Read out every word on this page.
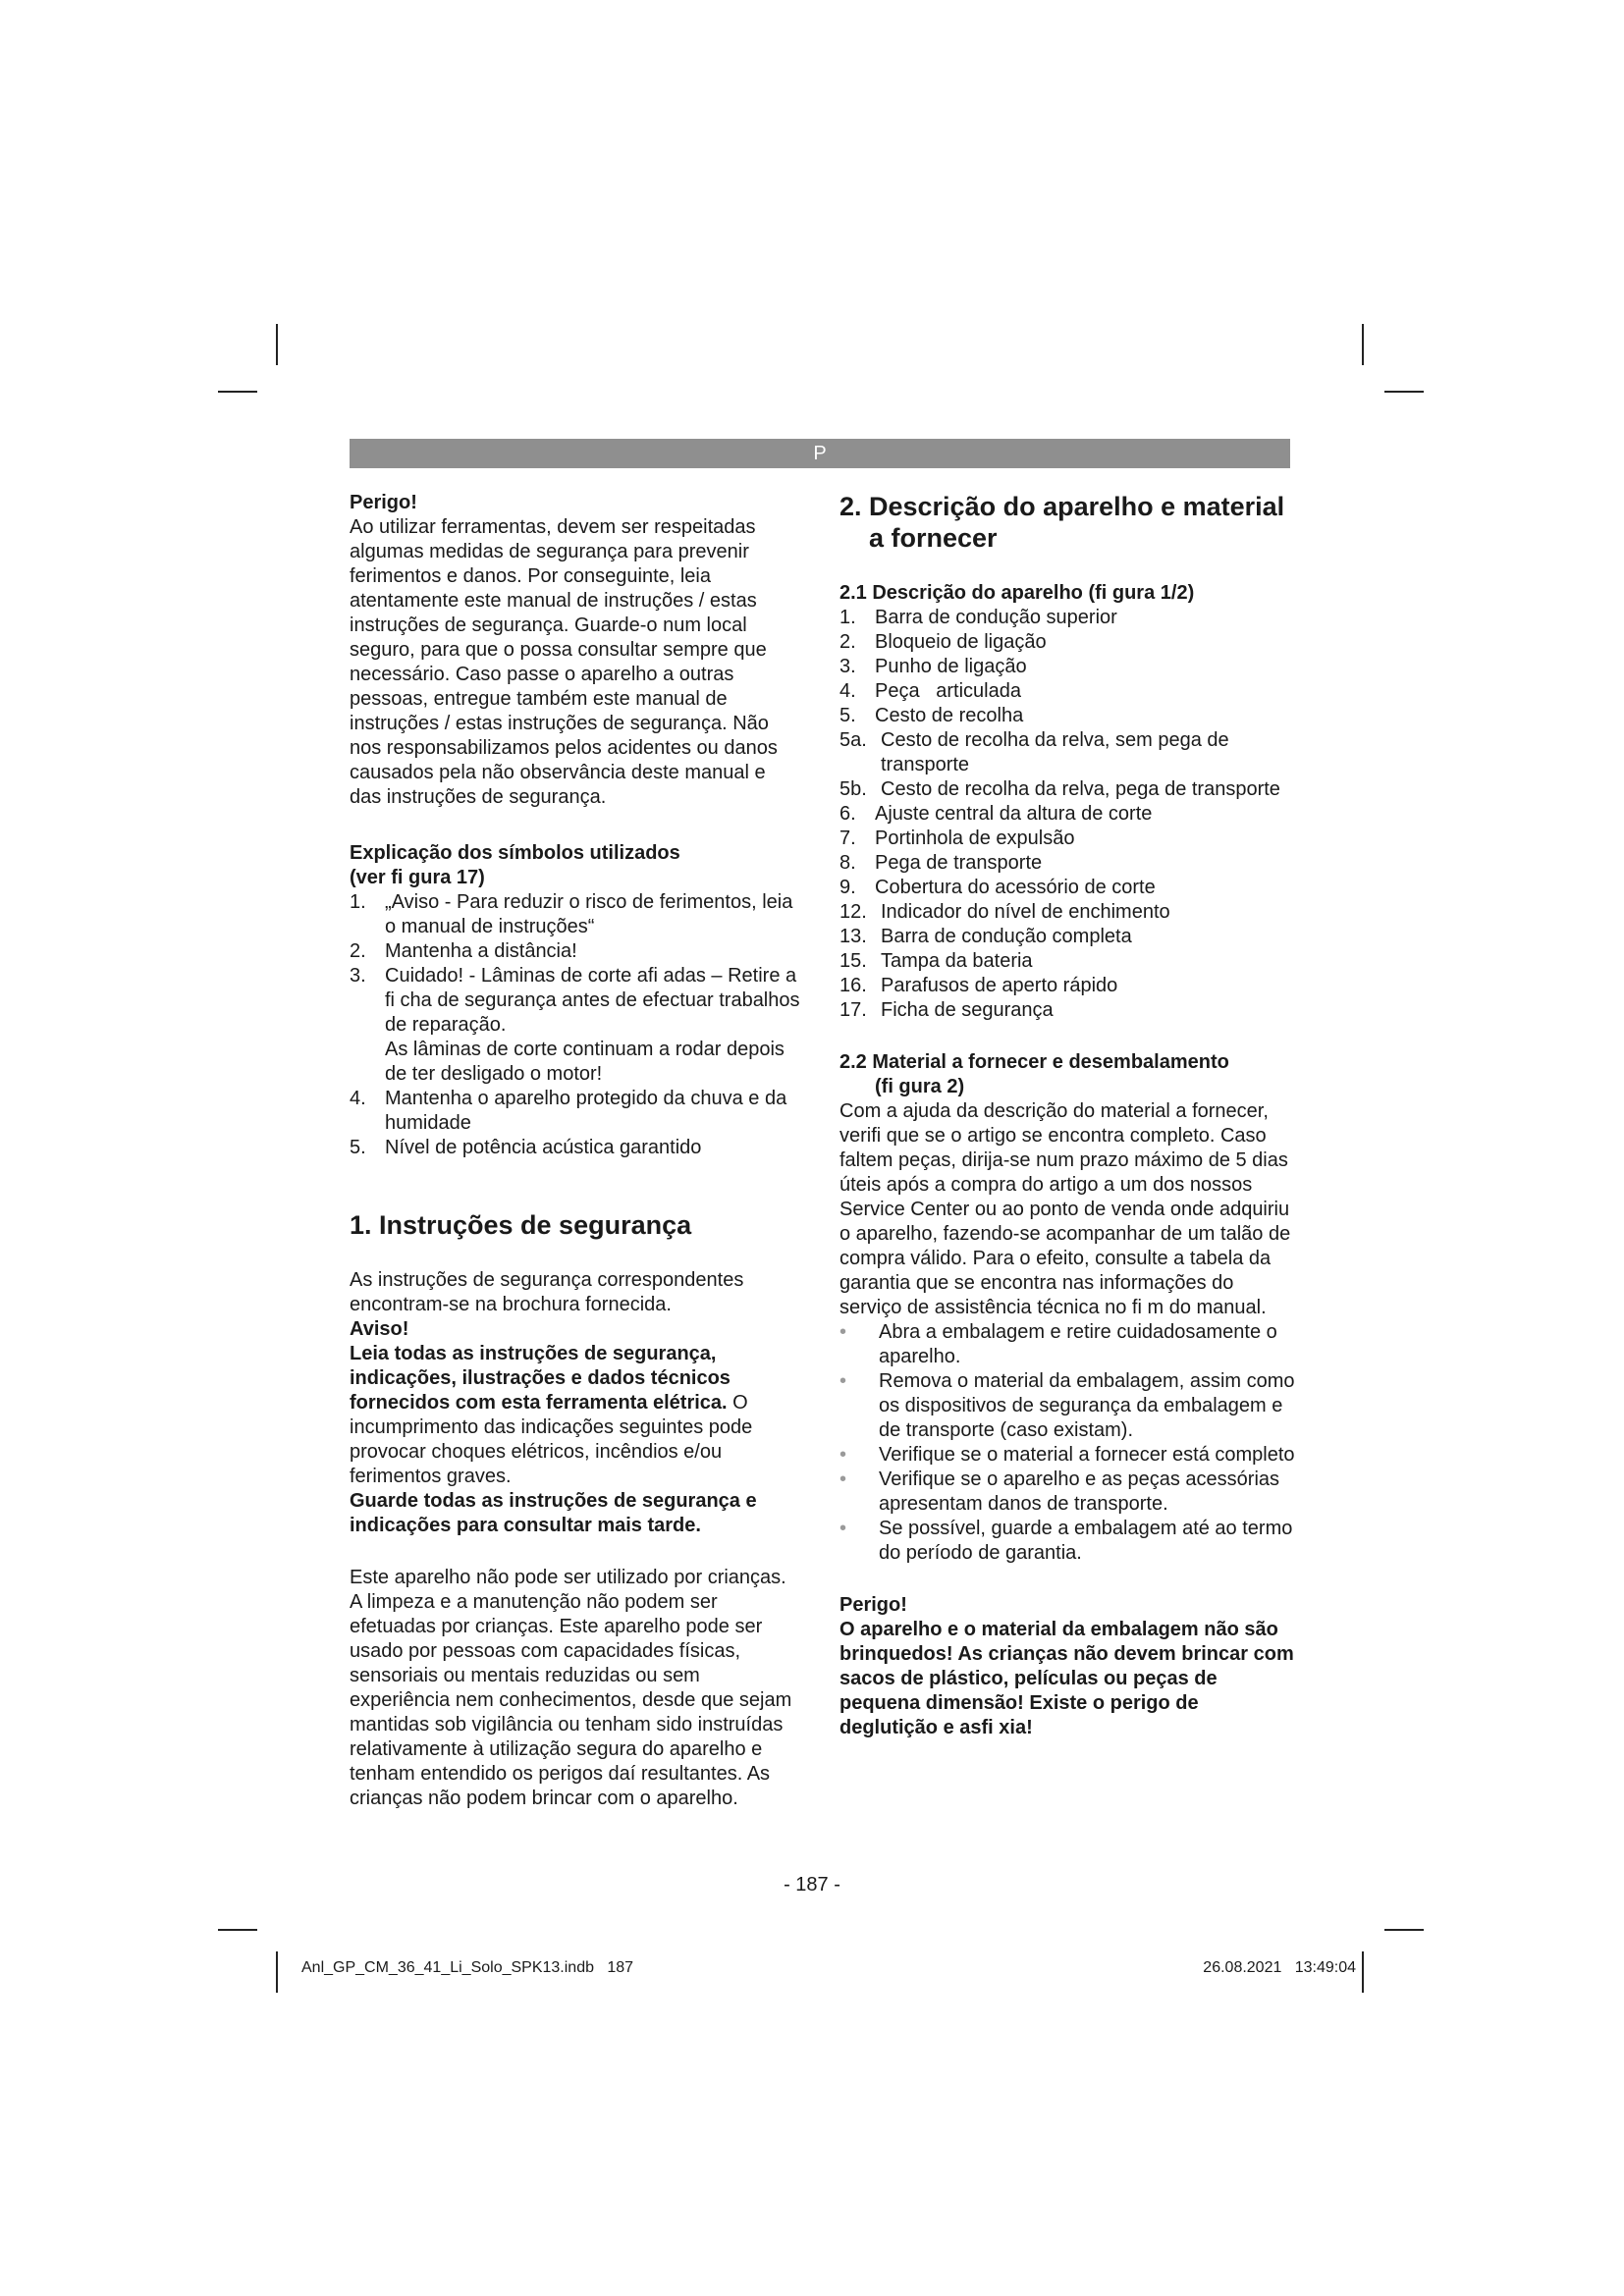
P

Perigo!

Ao utilizar ferramentas, devem ser respeitadas algumas medidas de segurança para prevenir ferimentos e danos. Por conseguinte, leia atentamente este manual de instruções / estas instruções de segurança. Guarde-o num local seguro, para que o possa consultar sempre que necessário. Caso passe o aparelho a outras pessoas, entregue também este manual de instruções / estas instruções de segurança. Não nos responsabilizamos pelos acidentes ou danos causados pela não observância deste manual e das instruções de segurança.

Explicação dos símbolos utilizados
(ver fi gura 17)

1. „Aviso - Para reduzir o risco de ferimentos, leia o manual de instruções“
2. Mantenha a distância!
3. Cuidado! - Lâminas de corte afi adas – Retire a fi cha de segurança antes de efectuar trabalhos de reparação.
As lâminas de corte continuam a rodar depois de ter desligado o motor!
4. Mantenha o aparelho protegido da chuva e da humidade
5. Nível de potência acústica garantido

1. Instruções de segurança

As instruções de segurança correspondentes encontram-se na brochura fornecida.

Aviso!

Leia todas as instruções de segurança, indicações, ilustrações e dados técnicos fornecidos com esta ferramenta elétrica. O incumprimento das indicações seguintes pode provocar choques elétricos, incêndios e/ou ferimentos graves.

Guarde todas as instruções de segurança e indicações para consultar mais tarde.

Este aparelho não pode ser utilizado por crianças. A limpeza e a manutenção não podem ser efetuadas por crianças. Este aparelho pode ser usado por pessoas com capacidades físicas, sensoriais ou mentais reduzidas ou sem experiência nem conhecimentos, desde que sejam mantidas sob vigilância ou tenham sido instruídas relativamente à utilização segura do aparelho e tenham entendido os perigos daí resultantes. As crianças não podem brincar com o aparelho.

2. Descrição do aparelho e material
a fornecer

2.1 Descrição do aparelho (fi gura 1/2)

1. Barra de condução superior
2. Bloqueio de ligação
3. Punho de ligação
4. Peça   articulada
5. Cesto de recolha
5a. Cesto de recolha da relva, sem pega de transporte
5b. Cesto de recolha da relva, pega de transporte
6. Ajuste central da altura de corte
7. Portinhola de expulsão
8. Pega de transporte
9. Cobertura do acessório de corte
12. Indicador do nível de enchimento
13. Barra de condução completa
15. Tampa da bateria
16. Parafusos de aperto rápido
17. Ficha de segurança

2.2 Material a fornecer e desembalamento
(fi gura 2)

Com a ajuda da descrição do material a fornecer, verifi que se o artigo se encontra completo. Caso faltem peças, dirija-se num prazo máximo de 5 dias úteis após a compra do artigo a um dos nossos Service Center ou ao ponto de venda onde adquiriu o aparelho, fazendo-se acompanhar de um talão de compra válido. Para o efeito, consulte a tabela da garantia que se encontra nas informações do serviço de assistência técnica no fi m do manual.

• Abra a embalagem e retire cuidadosamente o aparelho.
• Remova o material da embalagem, assim como os dispositivos de segurança da embalagem e de transporte (caso existam).
• Verifique se o material a fornecer está completo
• Verifique se o aparelho e as peças acessórias apresentam danos de transporte.
• Se possível, guarde a embalagem até ao termo do período de garantia.

Perigo!

O aparelho e o material da embalagem não são brinquedos! As crianças não devem brincar com sacos de plástico, películas ou peças de pequena dimensão! Existe o perigo de deglutição e asfi xia!

- 187 -
Anl_GP_CM_36_41_Li_Solo_SPK13.indb   187	26.08.2021   13:49:04
